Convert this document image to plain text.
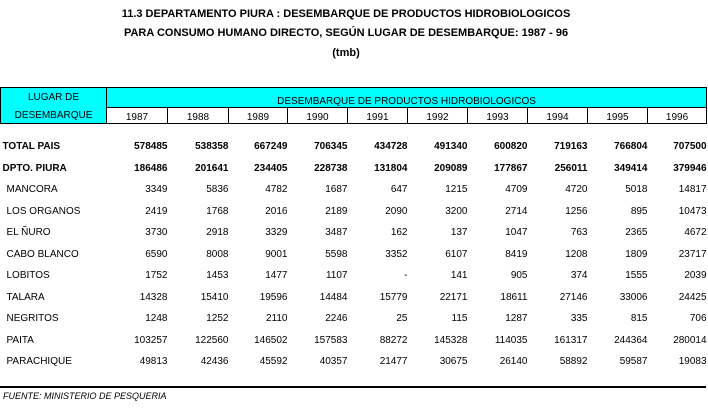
11.3 DEPARTAMENTO PIURA : DESEMBARQUE DE PRODUCTOS HIDROBIOLOGICOS
PARA CONSUMO HUMANO DIRECTO, SEGÚN LUGAR DE DESEMBARQUE: 1987 - 96
(tmb)
LUGAR DE
DESEMBARQUE	DESEMBARQUE DE PRODUCTOS HIDROBIOLOGICOS									
	1987	1988	1989	1990	1991	1992	1993	1994	1995	1996

TOTAL PAIS	578485	538358	667249	706345	434728	491340	600820	719163	766804	707500
DPTO. PIURA	186486	201641	234405	228738	131804	209089	177867	256011	349414	379946
MANCORA	3349	5836	4782	1687	647	1215	4709	4720	5018	14817
LOS ORGANOS	2419	1768	2016	2189	2090	3200	2714	1256	895	10473
EL ÑURO	3730	2918	3329	3487	162	137	1047	763	2365	4672
CABO BLANCO	6590	8008	9001	5598	3352	6107	8419	1208	1809	23717
LOBITOS	1752	1453	1477	1107	-	141	905	374	1555	2039
TALARA	14328	15410	19596	14484	15779	22171	18611	27146	33006	24425
NEGRITOS	1248	1252	2110	2246	25	115	1287	335	815	706
PAITA	103257	122560	146502	157583	88272	145328	114035	161317	244364	280014
PARACHIQUE	49813	42436	45592	40357	21477	30675	26140	58892	59587	19083
FUENTE: MINISTERIO DE PESQUERIA
